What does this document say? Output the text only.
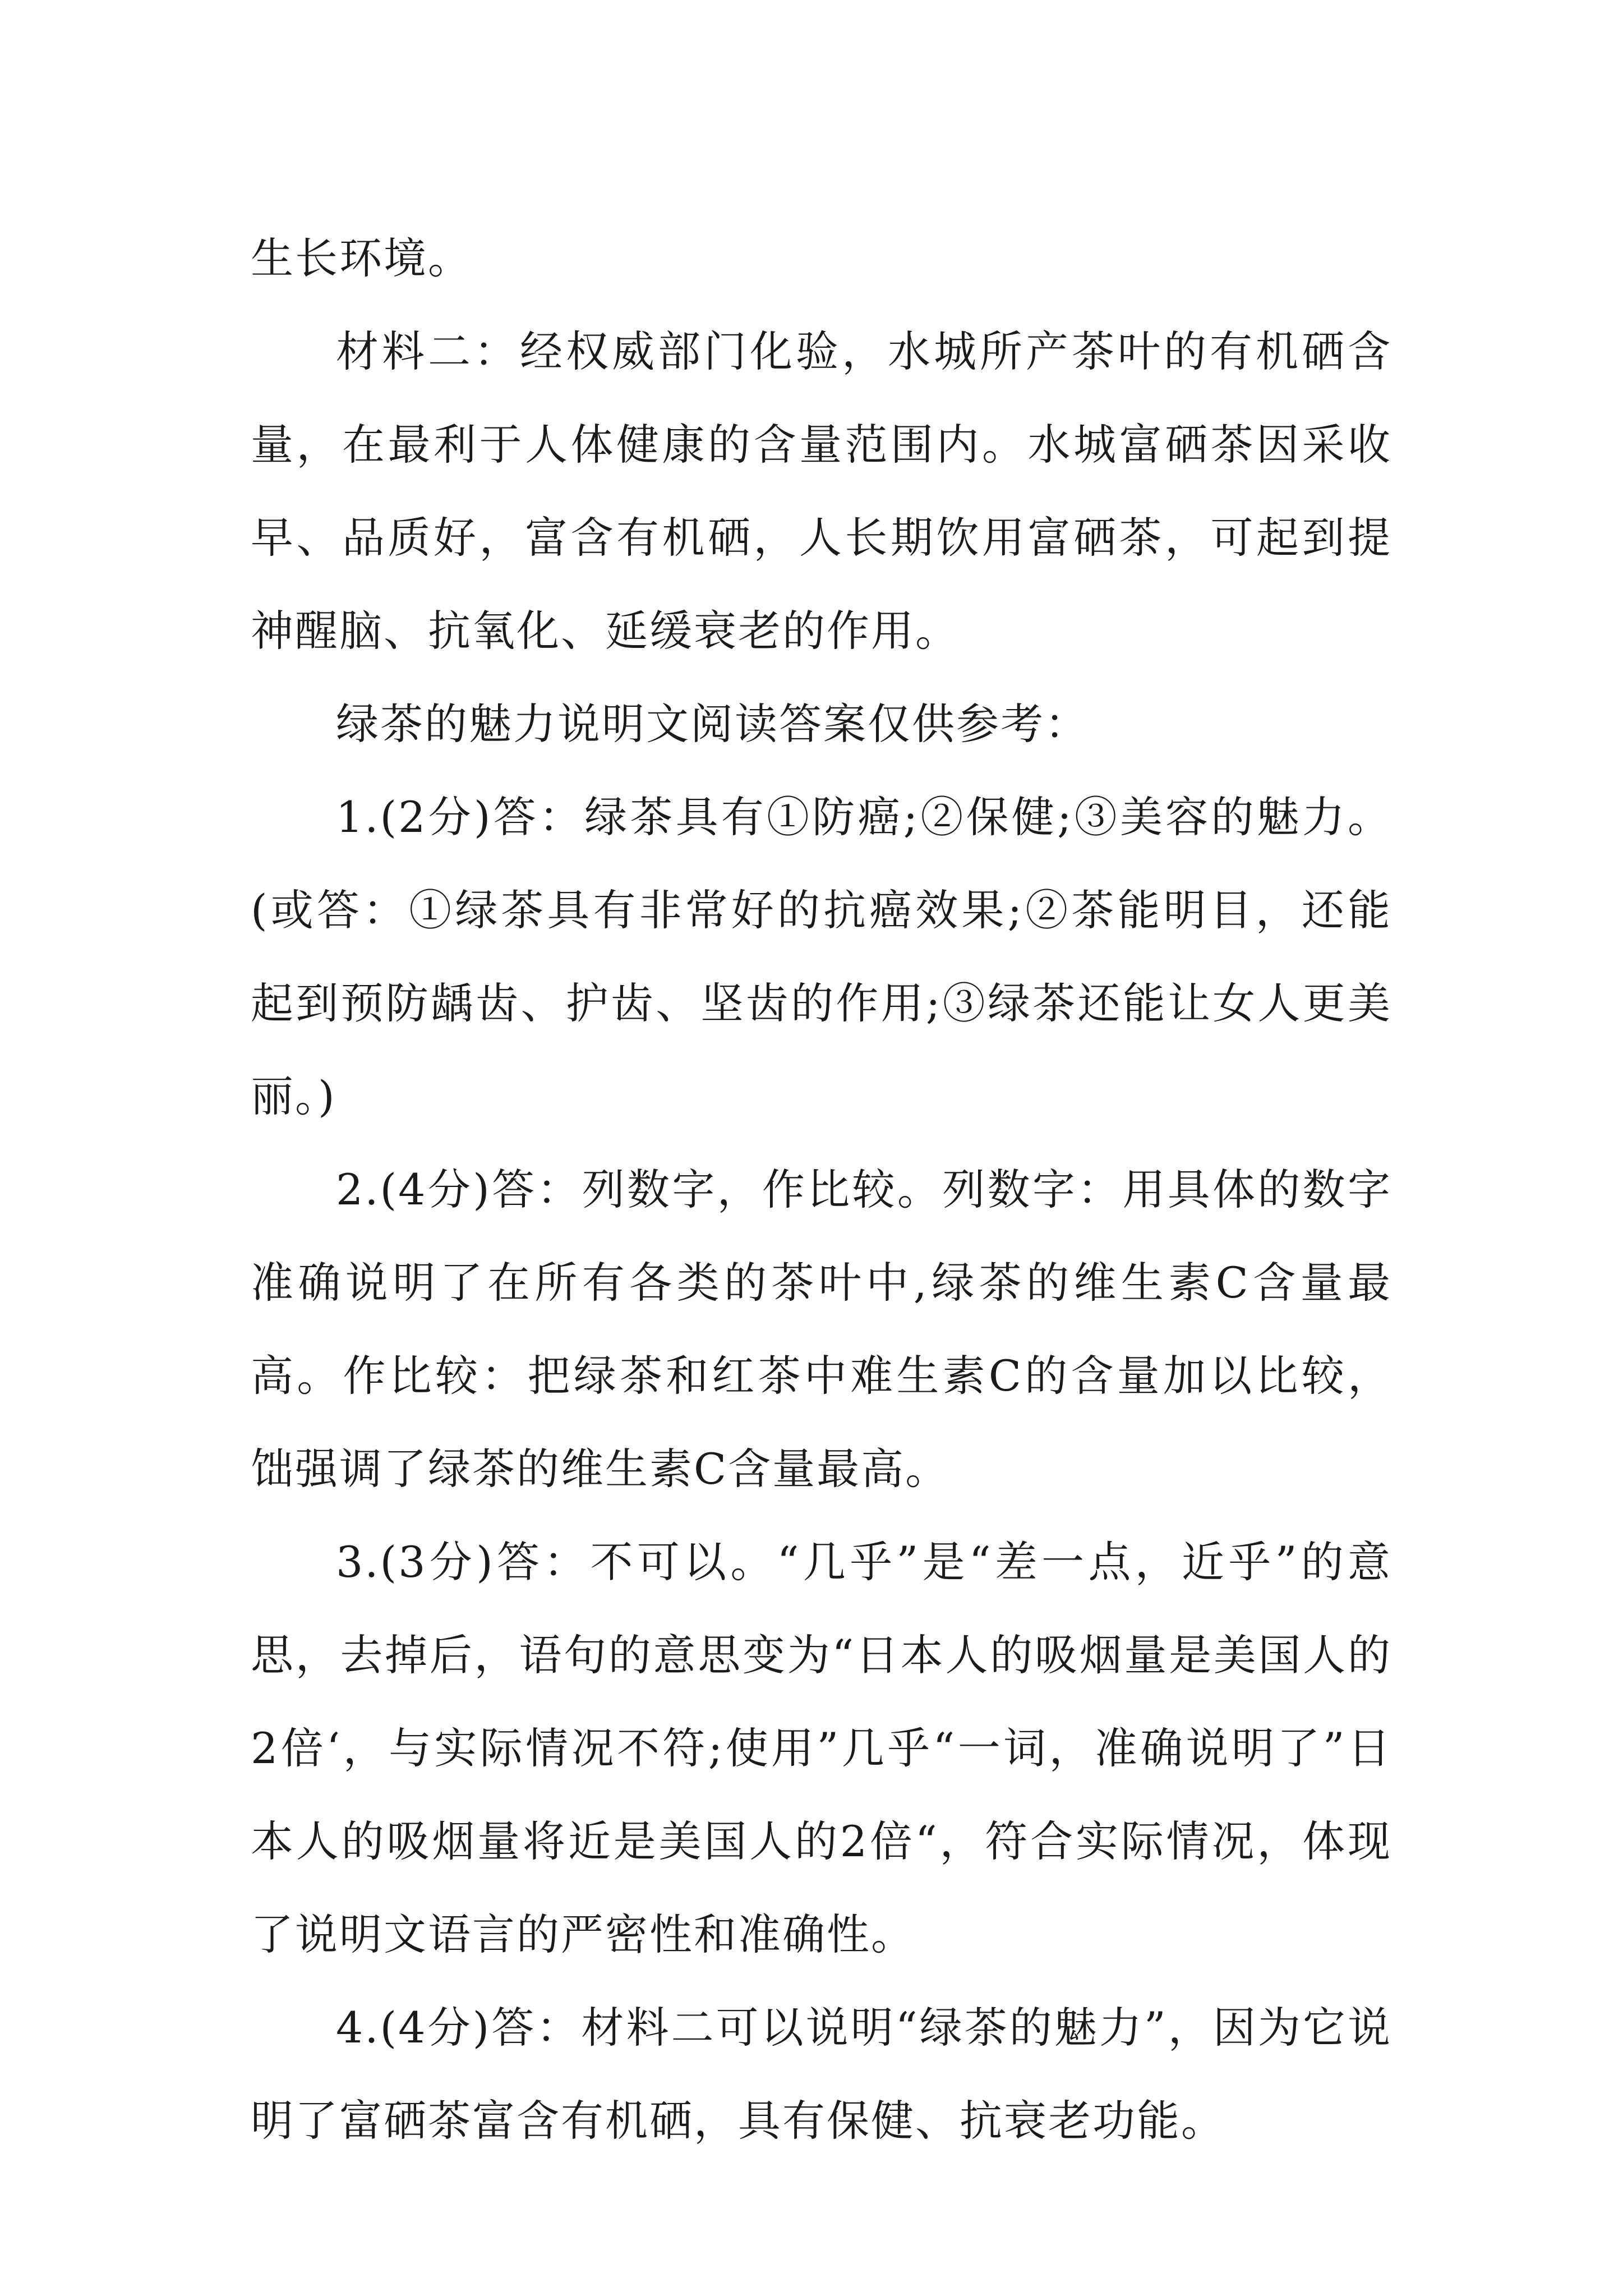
生长环境。

材料二：经权威部门化验，水城所产茶叶的有机硒含量，在最利于人体健康的含量范围内。水城富硒茶因采收早、品质好，富含有机硒，人长期饮用富硒茶，可起到提神醒脑、抗氧化、延缓衰老的作用。

绿茶的魅力说明文阅读答案仅供参考：

1.(2分)答：绿茶具有①防癌;②保健;③美容的魅力。(或答：①绿茶具有非常好的抗癌效果;②茶能明目，还能起到预防龋齿、护齿、坚齿的作用;③绿茶还能让女人更美丽。)

2.(4分)答：列数字，作比较。列数字：用具体的数字准确说明了在所有各类的茶叶中,绿茶的维生素C含量最高。作比较：把绿茶和红茶中难生素C的含量加以比较，饳强调了绿茶的维生素C含量最高。

3.(3分)答：不可以。“几乎”是“差一点，近乎”的意思，去掉后，语句的意思变为“日本人的吸烟量是美国人的2倍‘，与实际情况不符;使用”几乎“一词，准确说明了”日本人的吸烟量将近是美国人的2倍“，符合实际情况，体现了说明文语言的严密性和准确性。

4.(4分)答：材料二可以说明“绿茶的魅力”，因为它说明了富硒茶富含有机硒，具有保健、抗衰老功能。
